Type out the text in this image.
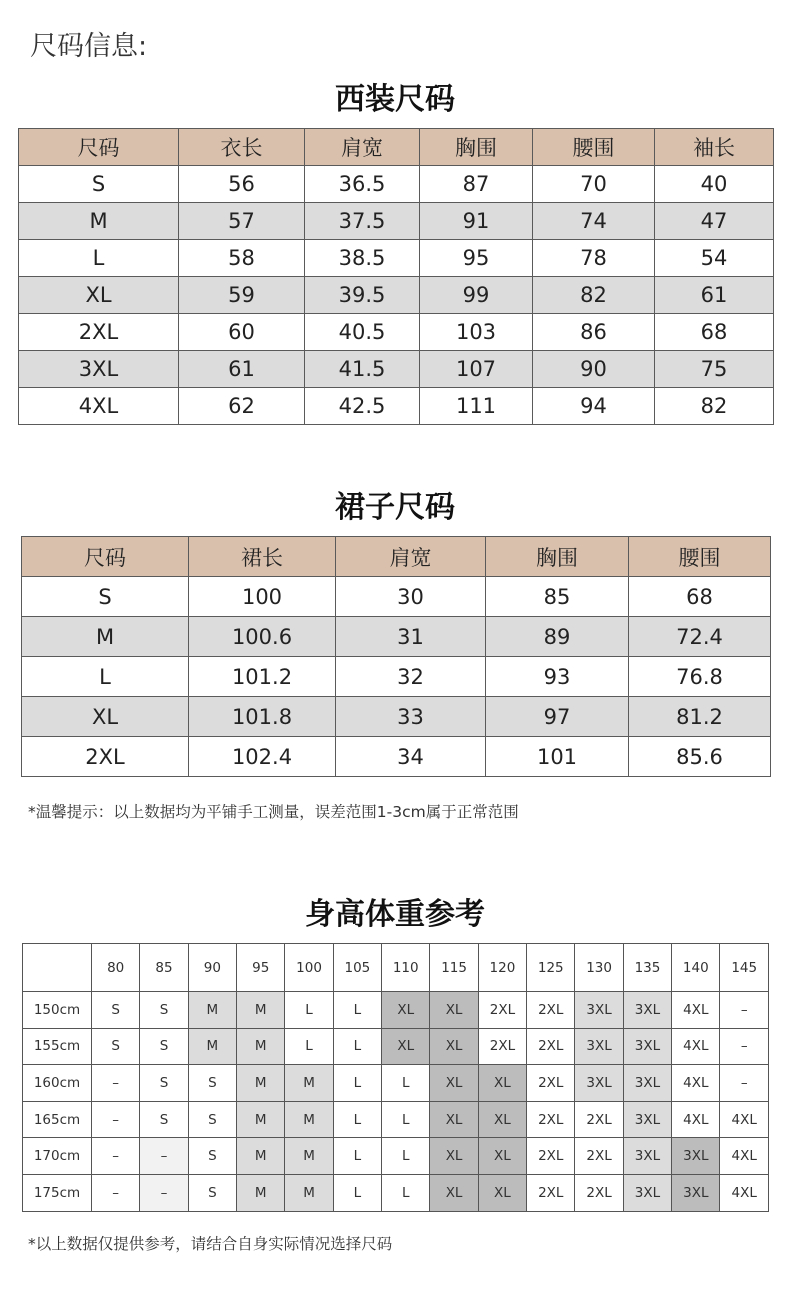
尺码信息:
西装尺码
尺码	衣长	肩宽	胸围	腰围	袖长
S	56	36.5	87	70	40
M	57	37.5	91	74	47
L	58	38.5	95	78	54
XL	59	39.5	99	82	61
2XL	60	40.5	103	86	68
3XL	61	41.5	107	90	75
4XL	62	42.5	111	94	82
裙子尺码
尺码	裙长	肩宽	胸围	腰围
S	100	30	85	68
M	100.6	31	89	72.4
L	101.2	32	93	76.8
XL	101.8	33	97	81.2
2XL	102.4	34	101	85.6
*温馨提示：以上数据均为平铺手工测量，误差范围1-3cm属于正常范围
身高体重参考
	80	85	90	95	100	105	110	115	120	125	130	135	140	145
150cm	S	S	M	M	L	L	XL	XL	2XL	2XL	3XL	3XL	4XL	–
155cm	S	S	M	M	L	L	XL	XL	2XL	2XL	3XL	3XL	4XL	–
160cm	–	S	S	M	M	L	L	XL	XL	2XL	3XL	3XL	4XL	–
165cm	–	S	S	M	M	L	L	XL	XL	2XL	2XL	3XL	4XL	4XL
170cm	–	–	S	M	M	L	L	XL	XL	2XL	2XL	3XL	3XL	4XL
175cm	–	–	S	M	M	L	L	XL	XL	2XL	2XL	3XL	3XL	4XL
*以上数据仅提供参考，请结合自身实际情况选择尺码
